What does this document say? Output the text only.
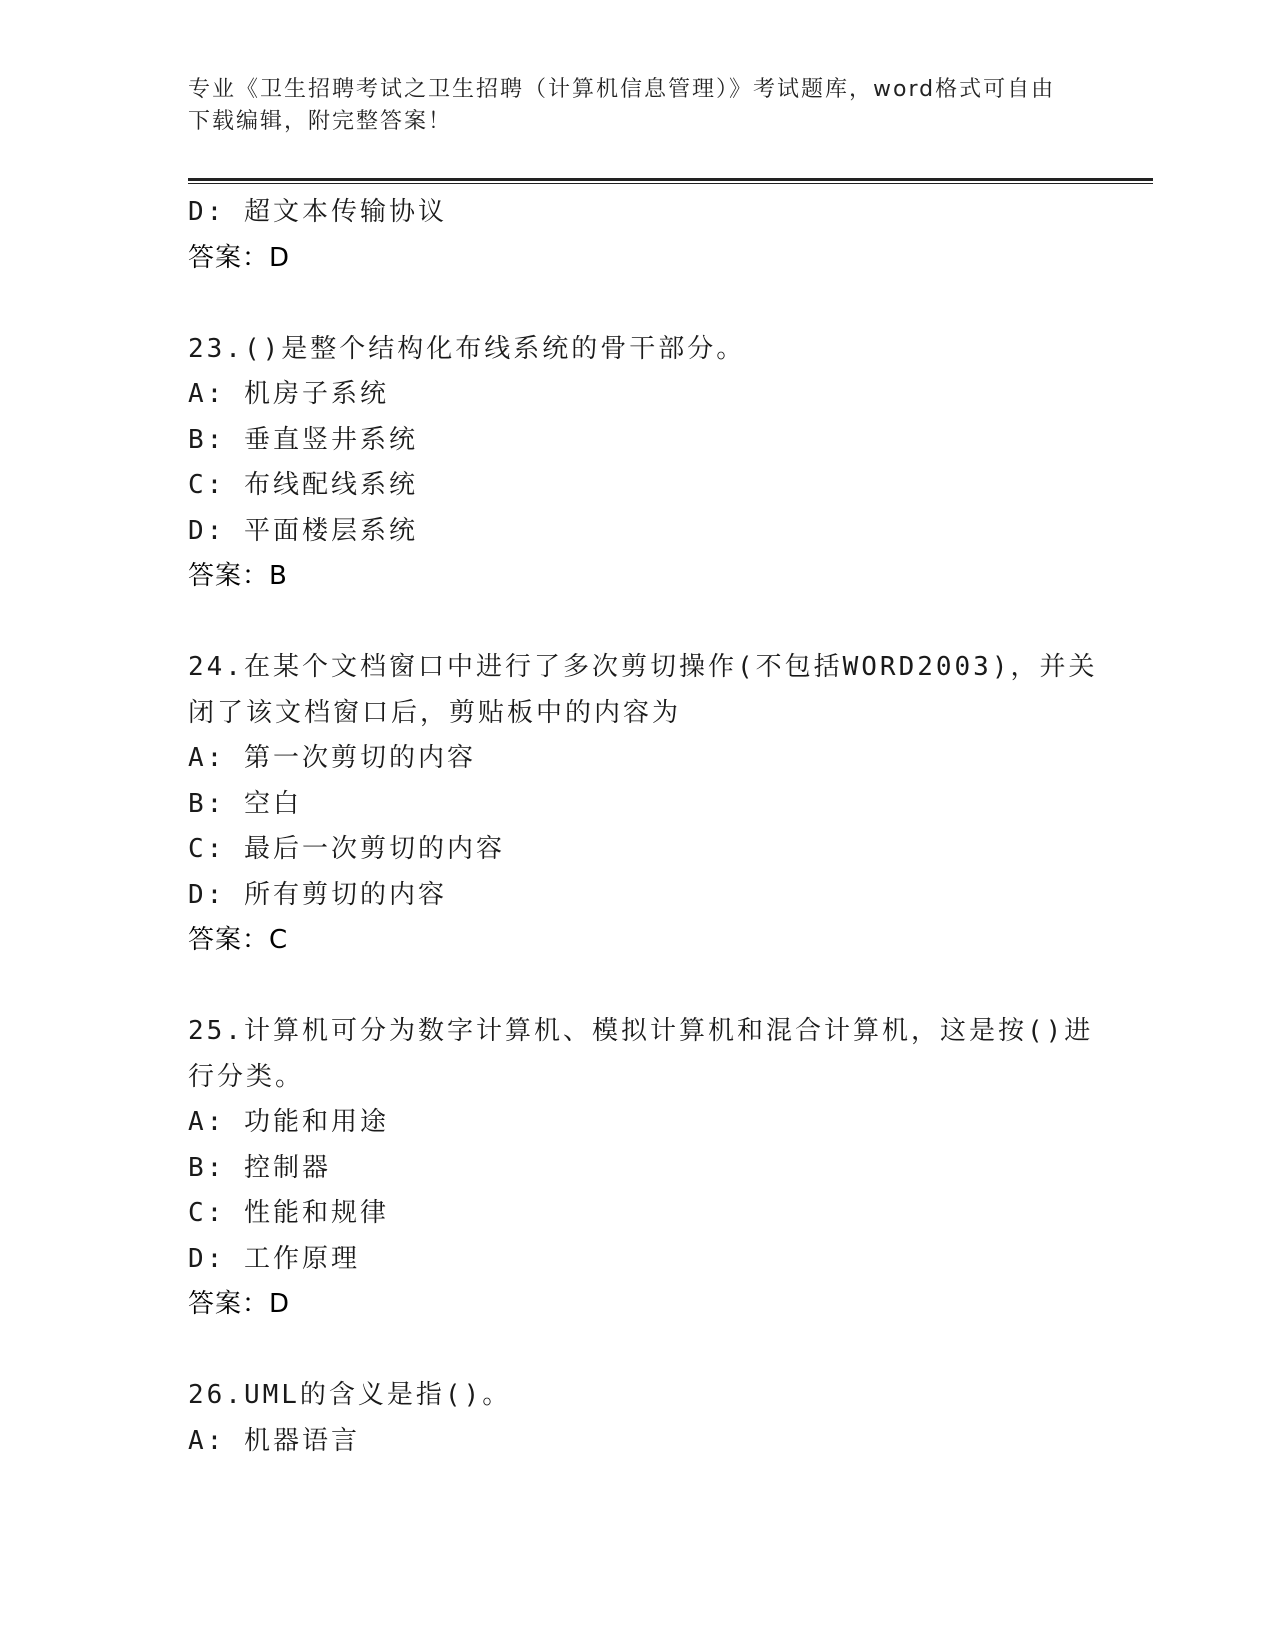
专业《卫生招聘考试之卫生招聘（计算机信息管理）》考试题库，word格式可自由下载编辑，附完整答案！
D: 超文本传输协议
答案：D
23.()是整个结构化布线系统的骨干部分。
A: 机房子系统
B: 垂直竖井系统
C: 布线配线系统
D: 平面楼层系统
答案：B
24.在某个文档窗口中进行了多次剪切操作(不包括WORD2003)，并关闭了该文档窗口后，剪贴板中的内容为
A: 第一次剪切的内容
B: 空白
C: 最后一次剪切的内容
D: 所有剪切的内容
答案：C
25.计算机可分为数字计算机、模拟计算机和混合计算机，这是按()进行分类。
A: 功能和用途
B: 控制器
C: 性能和规律
D: 工作原理
答案：D
26.UML的含义是指()。
A: 机器语言
